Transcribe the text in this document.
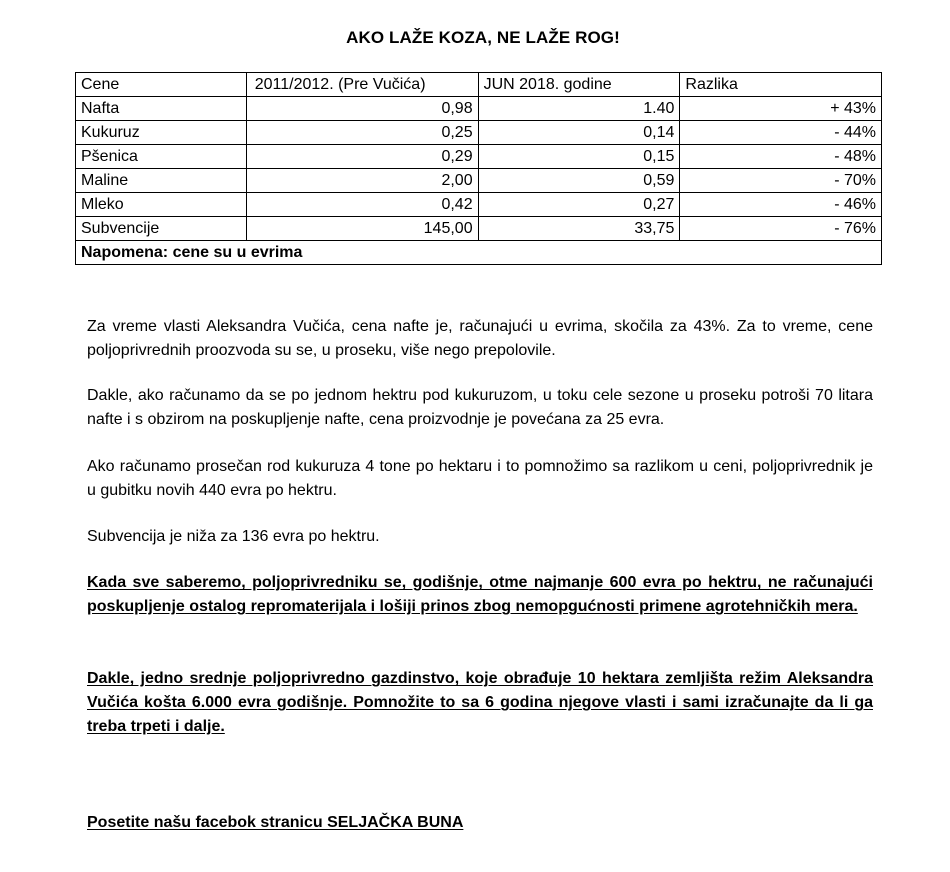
AKO LAŽE KOZA, NE LAŽE ROG!
Cene	2011/2012. (Pre Vučića)	JUN 2018. godine	Razlika
Nafta	0,98	1.40	+ 43%
Kukuruz	0,25	0,14	- 44%
Pšenica	0,29	0,15	- 48%
Maline	2,00	0,59	- 70%
Mleko	0,42	0,27	- 46%
Subvencije	145,00	33,75	- 76%
Napomena: cene su u evrima			

Za vreme vlasti Aleksandra Vučića, cena nafte je, računajući u evrima, skočila za 43%. Za to vreme, cene poljoprivrednih proozvoda su se, u proseku, više nego prepolovile.

Dakle, ako računamo da se po jednom hektru pod kukuruzom, u toku cele sezone u proseku potroši 70 litara nafte i s obzirom na poskupljenje nafte, cena proizvodnje je povećana za 25 evra.

Ako računamo prosečan rod kukuruza 4 tone po hektaru i to pomnožimo sa razlikom u ceni, poljoprivrednik je u gubitku novih 440 evra po hektru.

Subvencija je niža za 136 evra po hektru.

Kada sve saberemo, poljoprivredniku se, godišnje, otme najmanje 600 evra po hektru, ne računajući poskupljenje ostalog repromaterijala i lošiji prinos zbog nemopgućnosti primene agrotehničkih mera.

Dakle, jedno srednje poljoprivredno gazdinstvo, koje obrađuje 10 hektara zemljišta režim Aleksandra Vučića košta 6.000 evra godišnje. Pomnožite to sa 6 godina njegove vlasti i sami izračunajte da li ga treba trpeti i dalje.

Posetite našu facebok stranicu SELJAČKA BUNA
